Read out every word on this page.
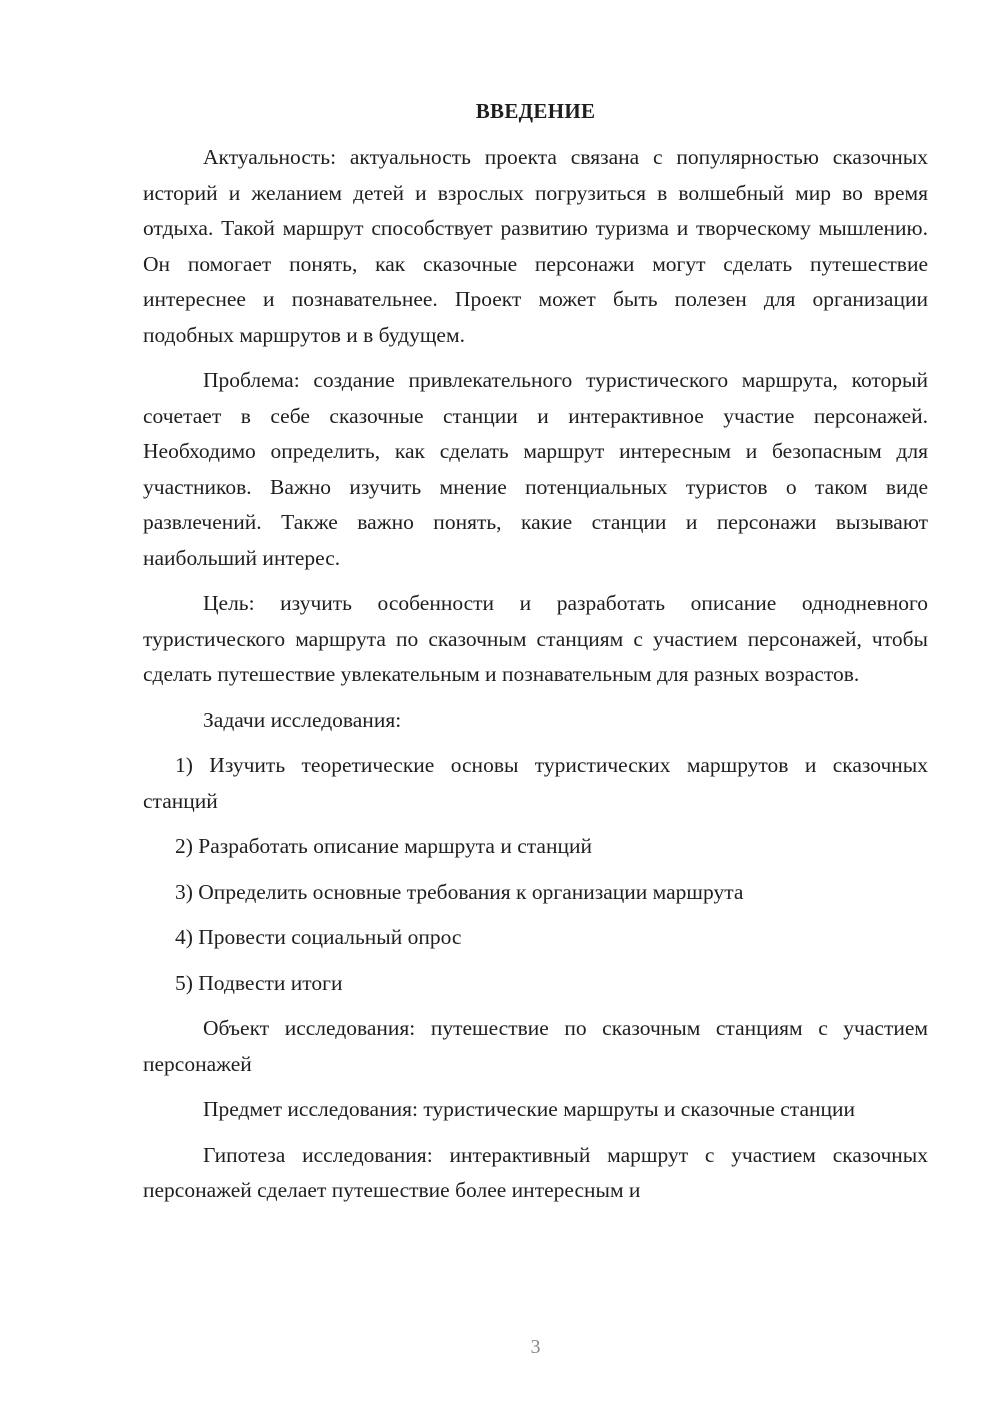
ВВЕДЕНИЕ

Актуальность: актуальность проекта связана с популярностью сказочных историй и желанием детей и взрослых погрузиться в волшебный мир во время отдыха. Такой маршрут способствует развитию туризма и творческому мышлению. Он помогает понять, как сказочные персонажи могут сделать путешествие интереснее и познавательнее. Проект может быть полезен для организации подобных маршрутов и в будущем.

Проблема: создание привлекательного туристического маршрута, который сочетает в себе сказочные станции и интерактивное участие персонажей. Необходимо определить, как сделать маршрут интересным и безопасным для участников. Важно изучить мнение потенциальных туристов о таком виде развлечений. Также важно понять, какие станции и персонажи вызывают наибольший интерес.

Цель: изучить особенности и разработать описание однодневного туристического маршрута по сказочным станциям с участием персонажей, чтобы сделать путешествие увлекательным и познавательным для разных возрастов.

Задачи исследования:

1) Изучить теоретические основы туристических маршрутов и сказочных станций

2) Разработать описание маршрута и станций

3) Определить основные требования к организации маршрута

4) Провести социальный опрос

5) Подвести итоги

Объект исследования: путешествие по сказочным станциям с участием персонажей

Предмет исследования: туристические маршруты и сказочные станции

Гипотеза исследования: интерактивный маршрут с участием сказочных персонажей сделает путешествие более интересным и

3
